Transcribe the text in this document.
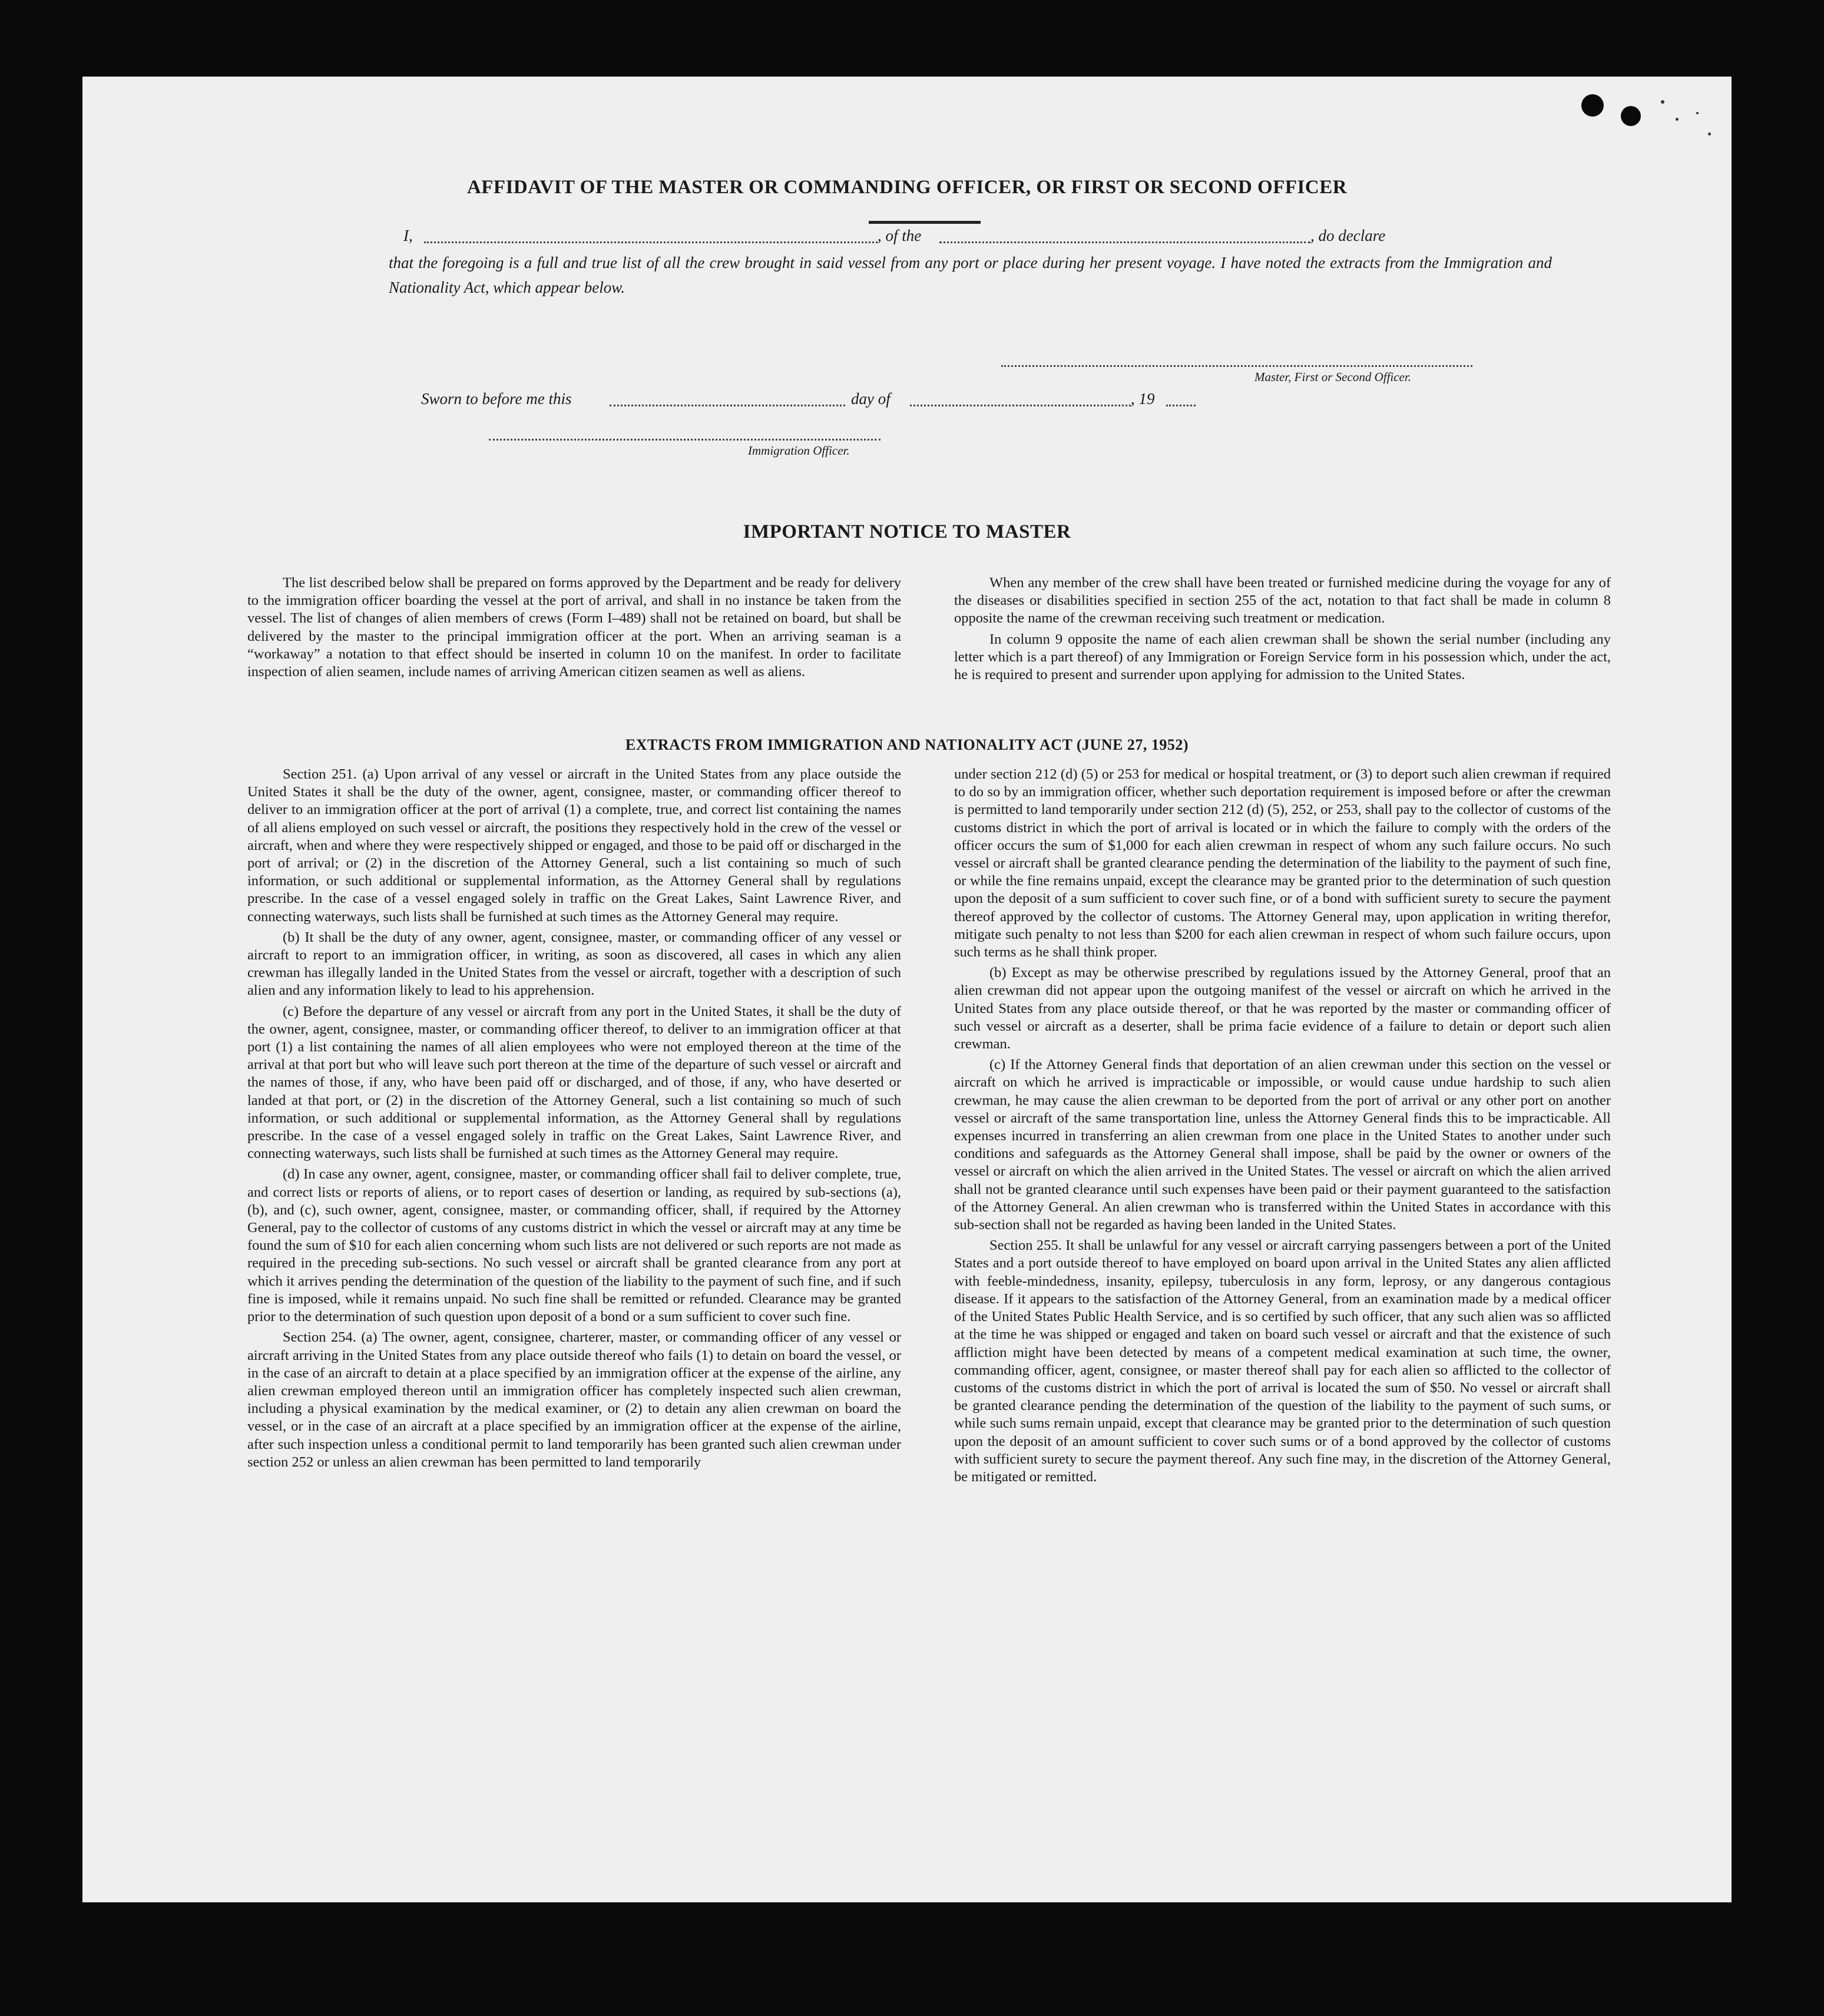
AFFIDAVIT OF THE MASTER OR COMMANDING OFFICER, OR FIRST OR SECOND OFFICER
I,	, of the	, do declare
that the foregoing is a full and true list of all the crew brought in said vessel from any port or place during her present voyage. I have noted the extracts from the Immigration and Nationality Act, which appear below.
Master, First or Second Officer.
Sworn to before me this	day of	, 19
Immigration Officer.
IMPORTANT NOTICE TO MASTER

The list described below shall be prepared on forms approved by the Department and be ready for delivery to the immigration officer boarding the vessel at the port of arrival, and shall in no instance be taken from the vessel. The list of changes of alien members of crews (Form I–489) shall not be retained on board, but shall be delivered by the master to the principal immigration officer at the port. When an arriving seaman is a “workaway” a notation to that effect should be inserted in column 10 on the manifest. In order to facilitate inspection of alien seamen, include names of arriving American citizen seamen as well as aliens.

When any member of the crew shall have been treated or furnished medicine during the voyage for any of the diseases or disabilities specified in section 255 of the act, notation to that fact shall be made in column 8 opposite the name of the crewman receiving such treatment or medication.

In column 9 opposite the name of each alien crewman shall be shown the serial number (including any letter which is a part thereof) of any Immigration or Foreign Service form in his possession which, under the act, he is required to present and surrender upon applying for admission to the United States.

EXTRACTS FROM IMMIGRATION AND NATIONALITY ACT (JUNE 27, 1952)

Section 251. (a) Upon arrival of any vessel or aircraft in the United States from any place outside the United States it shall be the duty of the owner, agent, consignee, master, or commanding officer thereof to deliver to an immigration officer at the port of arrival (1) a complete, true, and correct list containing the names of all aliens employed on such vessel or aircraft, the positions they respectively hold in the crew of the vessel or aircraft, when and where they were respectively shipped or engaged, and those to be paid off or discharged in the port of arrival; or (2) in the discretion of the Attorney General, such a list containing so much of such information, or such additional or supplemental information, as the Attorney General shall by regulations prescribe. In the case of a vessel engaged solely in traffic on the Great Lakes, Saint Lawrence River, and connecting waterways, such lists shall be furnished at such times as the Attorney General may require.

(b) It shall be the duty of any owner, agent, consignee, master, or commanding officer of any vessel or aircraft to report to an immigration officer, in writing, as soon as discovered, all cases in which any alien crewman has illegally landed in the United States from the vessel or aircraft, together with a description of such alien and any information likely to lead to his apprehension.

(c) Before the departure of any vessel or aircraft from any port in the United States, it shall be the duty of the owner, agent, consignee, master, or commanding officer thereof, to deliver to an immigration officer at that port (1) a list containing the names of all alien employees who were not employed thereon at the time of the arrival at that port but who will leave such port thereon at the time of the departure of such vessel or aircraft and the names of those, if any, who have been paid off or discharged, and of those, if any, who have deserted or landed at that port, or (2) in the discretion of the Attorney General, such a list containing so much of such information, or such additional or supplemental information, as the Attorney General shall by regulations prescribe. In the case of a vessel engaged solely in traffic on the Great Lakes, Saint Lawrence River, and connecting waterways, such lists shall be furnished at such times as the Attorney General may require.

(d) In case any owner, agent, consignee, master, or commanding officer shall fail to deliver complete, true, and correct lists or reports of aliens, or to report cases of desertion or landing, as required by sub-sections (a), (b), and (c), such owner, agent, consignee, master, or commanding officer, shall, if required by the Attorney General, pay to the collector of customs of any customs district in which the vessel or aircraft may at any time be found the sum of $10 for each alien concerning whom such lists are not delivered or such reports are not made as required in the preceding sub-sections. No such vessel or aircraft shall be granted clearance from any port at which it arrives pending the determination of the question of the liability to the payment of such fine, and if such fine is imposed, while it remains unpaid. No such fine shall be remitted or refunded. Clearance may be granted prior to the determination of such question upon deposit of a bond or a sum sufficient to cover such fine.

Section 254. (a) The owner, agent, consignee, charterer, master, or commanding officer of any vessel or aircraft arriving in the United States from any place outside thereof who fails (1) to detain on board the vessel, or in the case of an aircraft to detain at a place specified by an immigration officer at the expense of the airline, any alien crewman employed thereon until an immigration officer has completely inspected such alien crewman, including a physical examination by the medical examiner, or (2) to detain any alien crewman on board the vessel, or in the case of an aircraft at a place specified by an immigration officer at the expense of the airline, after such inspection unless a conditional permit to land temporarily has been granted such alien crewman under section 252 or unless an alien crewman has been permitted to land temporarily

under section 212 (d) (5) or 253 for medical or hospital treatment, or (3) to deport such alien crewman if required to do so by an immigration officer, whether such deportation requirement is imposed before or after the crewman is permitted to land temporarily under section 212 (d) (5), 252, or 253, shall pay to the collector of customs of the customs district in which the port of arrival is located or in which the failure to comply with the orders of the officer occurs the sum of $1,000 for each alien crewman in respect of whom any such failure occurs. No such vessel or aircraft shall be granted clearance pending the determination of the liability to the payment of such fine, or while the fine remains unpaid, except the clearance may be granted prior to the determination of such question upon the deposit of a sum sufficient to cover such fine, or of a bond with sufficient surety to secure the payment thereof approved by the collector of customs. The Attorney General may, upon application in writing therefor, mitigate such penalty to not less than $200 for each alien crewman in respect of whom such failure occurs, upon such terms as he shall think proper.

(b) Except as may be otherwise prescribed by regulations issued by the Attorney General, proof that an alien crewman did not appear upon the outgoing manifest of the vessel or aircraft on which he arrived in the United States from any place outside thereof, or that he was reported by the master or commanding officer of such vessel or aircraft as a deserter, shall be prima facie evidence of a failure to detain or deport such alien crewman.

(c) If the Attorney General finds that deportation of an alien crewman under this section on the vessel or aircraft on which he arrived is impracticable or impossible, or would cause undue hardship to such alien crewman, he may cause the alien crewman to be deported from the port of arrival or any other port on another vessel or aircraft of the same transportation line, unless the Attorney General finds this to be impracticable. All expenses incurred in transferring an alien crewman from one place in the United States to another under such conditions and safeguards as the Attorney General shall impose, shall be paid by the owner or owners of the vessel or aircraft on which the alien arrived in the United States. The vessel or aircraft on which the alien arrived shall not be granted clearance until such expenses have been paid or their payment guaranteed to the satisfaction of the Attorney General. An alien crewman who is transferred within the United States in accordance with this sub-section shall not be regarded as having been landed in the United States.

Section 255. It shall be unlawful for any vessel or aircraft carrying passengers between a port of the United States and a port outside thereof to have employed on board upon arrival in the United States any alien afflicted with feeble-mindedness, insanity, epilepsy, tuberculosis in any form, leprosy, or any dangerous contagious disease. If it appears to the satisfaction of the Attorney General, from an examination made by a medical officer of the United States Public Health Service, and is so certified by such officer, that any such alien was so afflicted at the time he was shipped or engaged and taken on board such vessel or aircraft and that the existence of such affliction might have been detected by means of a competent medical examination at such time, the owner, commanding officer, agent, consignee, or master thereof shall pay for each alien so afflicted to the collector of customs of the customs district in which the port of arrival is located the sum of $50. No vessel or aircraft shall be granted clearance pending the determination of the question of the liability to the payment of such sums, or while such sums remain unpaid, except that clearance may be granted prior to the determination of such question upon the deposit of an amount sufficient to cover such sums or of a bond approved by the collector of customs with sufficient surety to secure the payment thereof. Any such fine may, in the discretion of the Attorney General, be mitigated or remitted.
